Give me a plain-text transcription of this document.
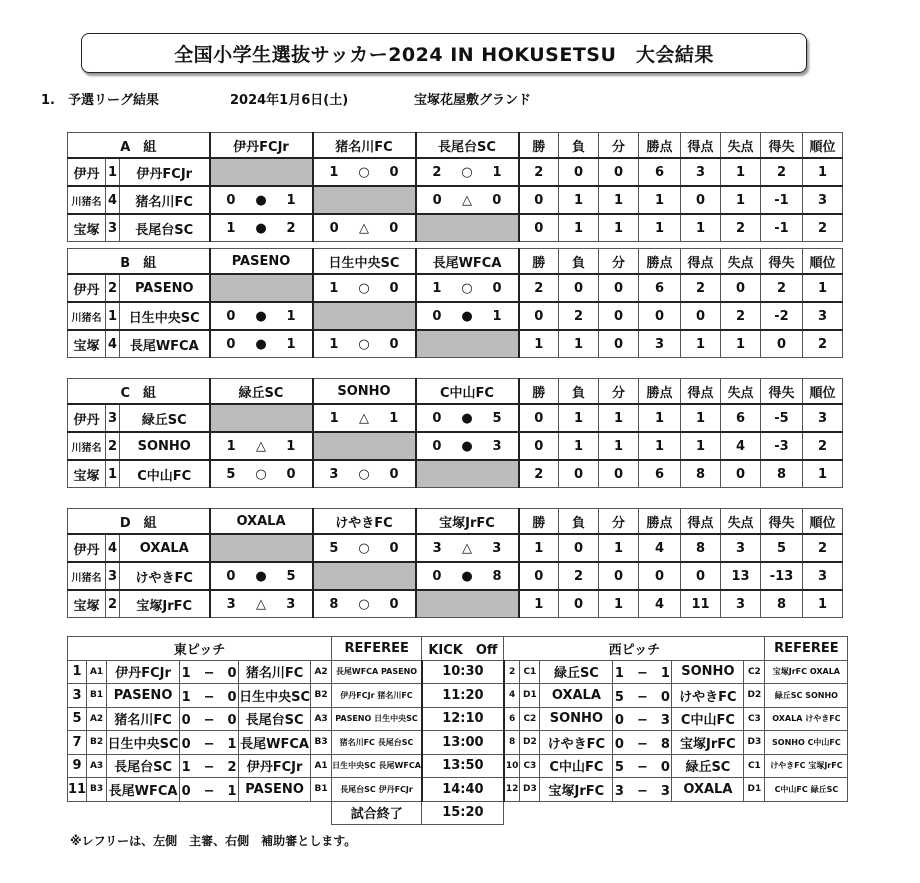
全国小学生選抜サッカー2024 IN HOKUSETSU　大会結果
1.　予選リーグ結果	2024年1月6日(土)	宝塚花屋敷グランド
A　組			伊丹FCJr	猪名川FC	長尾台SC	勝	負	分	勝点	得点	失点	得失	順位
伊丹	1	伊丹FCJr		1 ○ 0	2 ○ 1	2	0	0	6	3	1	2	1
川猪名	4	猪名川FC	0 ● 1		0 △ 0	0	1	1	1	0	1	-1	3
宝塚	3	長尾台SC	1 ● 2	0 △ 0		0	1	1	1	1	2	-1	2
B　組			PASENO	日生中央SC	長尾WFCA	勝	負	分	勝点	得点	失点	得失	順位
伊丹	2	PASENO		1 ○ 0	1 ○ 0	2	0	0	6	2	0	2	1
川猪名	1	日生中央SC	0 ● 1		0 ● 1	0	2	0	0	0	2	-2	3
宝塚	4	長尾WFCA	0 ● 1	1 ○ 0		1	1	0	3	1	1	0	2
C　組			緑丘SC	SONHO	C中山FC	勝	負	分	勝点	得点	失点	得失	順位
伊丹	3	緑丘SC		1 △ 1	0 ● 5	0	1	1	1	1	6	-5	3
川猪名	2	SONHO	1 △ 1		0 ● 3	0	1	1	1	1	4	-3	2
宝塚	1	C中山FC	5 ○ 0	3 ○ 0		2	0	0	6	8	0	8	1
D　組			OXALA	けやきFC	宝塚JrFC	勝	負	分	勝点	得点	失点	得失	順位
伊丹	4	OXALA		5 ○ 0	3 △ 3	1	0	1	4	8	3	5	2
川猪名	3	けやきFC	0 ● 5		0 ● 8	0	2	0	0	0	13	-13	3
宝塚	2	宝塚JrFC	3 △ 3	8 ○ 0		1	0	1	4	11	3	8	1
東ピッチ						REFEREE	KICK　Off	西ピッチ						REFEREE
1	A1	伊丹FCJr	1　−　0	猪名川FC	A2	長尾WFCA PASENO	10:30	2	C1	緑丘SC	1　−　1	SONHO	C2	宝塚JrFC OXALA
3	B1	PASENO	1　−　0	日生中央SC	B2	伊丹FCJr 猪名川FC	11:20	4	D1	OXALA	5　−　0	けやきFC	D2	緑丘SC SONHO
5	A2	猪名川FC	0　−　0	長尾台SC	A3	PASENO 日生中央SC	12:10	6	C2	SONHO	0　−　3	C中山FC	C3	OXALA けやきFC
7	B2	日生中央SC	0　−　1	長尾WFCA	B3	猪名川FC 長尾台SC	13:00	8	D2	けやきFC	0　−　8	宝塚JrFC	D3	SONHO C中山FC
9	A3	長尾台SC	1　−　2	伊丹FCJr	A1	日生中央SC 長尾WFCA	13:50	10	C3	C中山FC	5　−　0	緑丘SC	C1	けやきFC 宝塚JrFC
11	B3	長尾WFCA	0　−　1	PASENO	B1	長尾台SC 伊丹FCJr	14:40	12	D3	宝塚JrFC	3　−　3	OXALA	D1	C中山FC 緑丘SC
						試合終了	15:20							
※レフリーは、左側　主審、右側　補助審とします。
